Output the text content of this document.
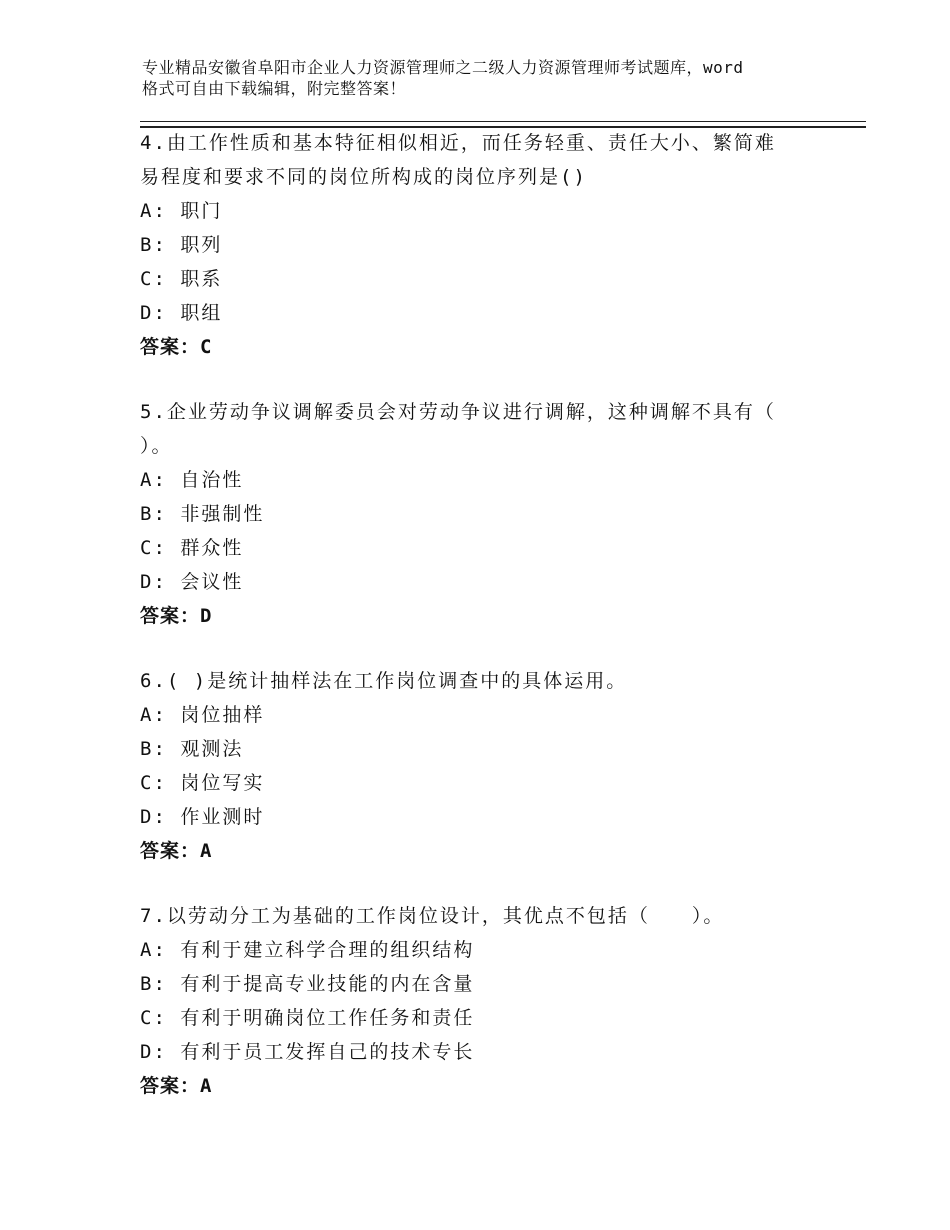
专业精品安徽省阜阳市企业人力资源管理师之二级人力资源管理师考试题库，word
格式可自由下载编辑，附完整答案！

4.由工作性质和基本特征相似相近，而任务轻重、责任大小、繁简难

易程度和要求不同的岗位所构成的岗位序列是()

A: 职门

B: 职列

C: 职系

D: 职组

答案：C

5.企业劳动争议调解委员会对劳动争议进行调解，这种调解不具有（

）。

A: 自治性

B: 非强制性

C: 群众性

D: 会议性

答案：D

6.( )是统计抽样法在工作岗位调查中的具体运用。

A: 岗位抽样

B: 观测法

C: 岗位写实

D: 作业测时

答案：A

7.以劳动分工为基础的工作岗位设计，其优点不包括（　　）。

A: 有利于建立科学合理的组织结构

B: 有利于提高专业技能的内在含量

C: 有利于明确岗位工作任务和责任

D: 有利于员工发挥自己的技术专长

答案：A
